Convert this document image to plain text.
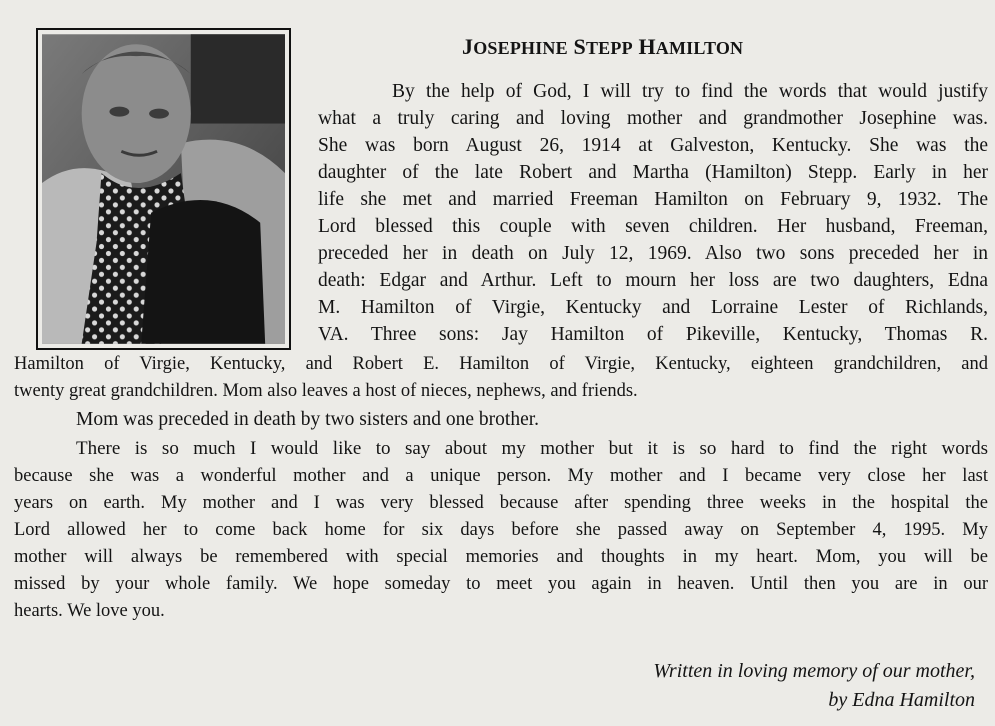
JOSEPHINE STEPP HAMILTON
By the help of God, I will try to find the words that would justify
what a truly caring and loving mother and grandmother Josephine was.
She was born August 26, 1914 at Galveston, Kentucky. She was the
daughter of the late Robert and Martha (Hamilton) Stepp. Early in her
life she met and married Freeman Hamilton on February 9, 1932. The
Lord blessed this couple with seven children. Her husband, Freeman,
preceded her in death on July 12, 1969. Also two sons preceded her in
death: Edgar and Arthur. Left to mourn her loss are two daughters, Edna
M. Hamilton of Virgie, Kentucky and Lorraine Lester of Richlands,
VA. Three sons: Jay Hamilton of Pikeville, Kentucky, Thomas R.
Hamilton of Virgie, Kentucky, and Robert E. Hamilton of Virgie, Kentucky, eighteen grandchildren, and
twenty great grandchildren. Mom also leaves a host of nieces, nephews, and friends.
Mom was preceded in death by two sisters and one brother.
There is so much I would like to say about my mother but it is so hard to find the right words
because she was a wonderful mother and a unique person. My mother and I became very close her last
years on earth. My mother and I was very blessed because after spending three weeks in the hospital the
Lord allowed her to come back home for six days before she passed away on September 4, 1995. My
mother will always be remembered with special memories and thoughts in my heart. Mom, you will be
missed by your whole family. We hope someday to meet you again in heaven. Until then you are in our
hearts. We love you.
Written in loving memory of our mother,
by Edna Hamilton
